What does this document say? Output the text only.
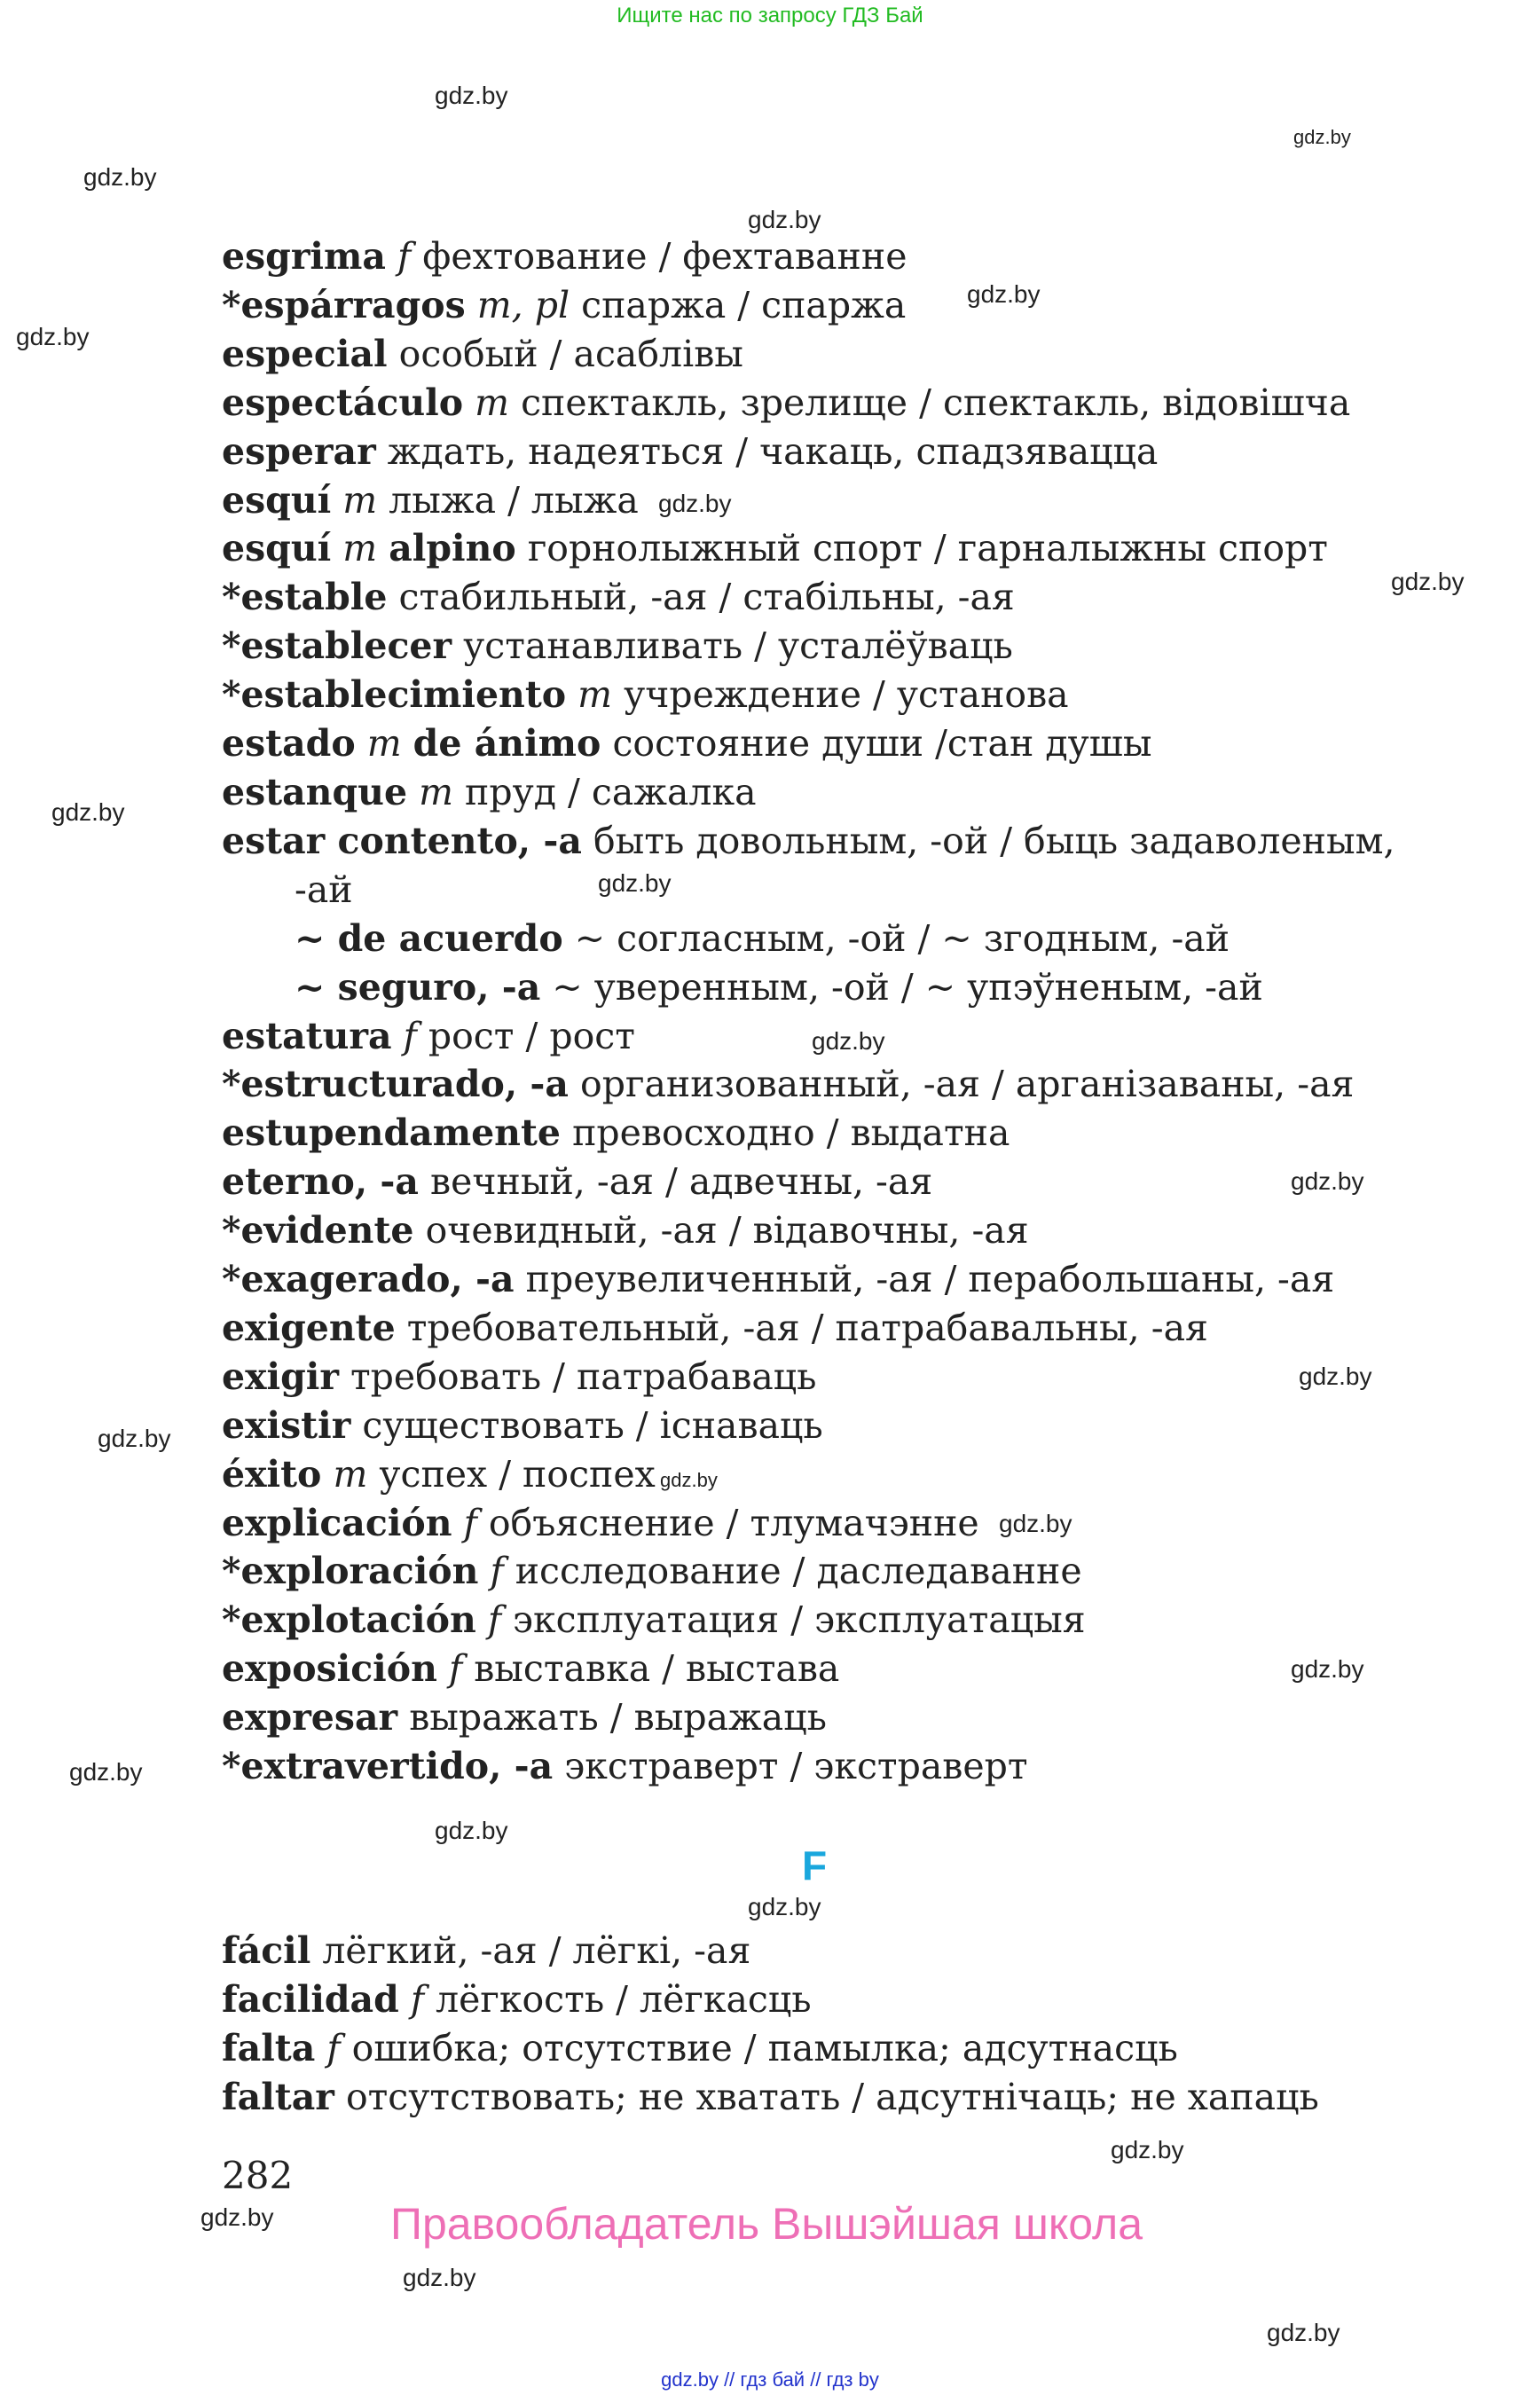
Ищите нас по запросу ГДЗ Бай
gdz.by
gdz.by
gdz.by
gdz.by
gdz.by
gdz.by
gdz.by
gdz.by
gdz.by
gdz.by
gdz.by
gdz.by
gdz.by
gdz.by
gdz.by
gdz.by
gdz.by
gdz.by
gdz.by
gdz.by
gdz.by
gdz.by
gdz.by
gdz.by
esgrima f фехтование / фехтаванне
*espárragos m, pl спаржа / спаржа
especial особый / асаблівы
espectáculo m спектакль, зрелище / спектакль, відовішча
esperar ждать, надеяться / чакаць, спадзявацца
esquí m лыжа / лыжа
esquí m alpino горнолыжный спорт / гарналыжны спорт
*estable стабильный, -ая / стабільны, -ая
*establecer устанавливать / усталёўваць
*establecimiento m учреждение / установа
estado m de ánimo состояние души /стан душы
estanque m пруд / сажалка
estar contento, -a быть довольным, -ой / быць задаволеным,
-ай
~ de acuerdo ~ согласным, -ой / ~ згодным, -ай
~ seguro, -a ~ уверенным, -ой / ~ упэўненым, -ай
estatura f рост / рост
*estructurado, -a организованный, -ая / арганізаваны, -ая
estupendamente превосходно / выдатна
eterno, -a вечный, -ая / адвечны, -ая
*evidente очевидный, -ая / відавочны, -ая
*exagerado, -a преувеличенный, -ая / перабольшаны, -ая
exigente требовательный, -ая / патрабавальны, -ая
exigir требовать / патрабаваць
existir существовать / існаваць
éxito m успех / поспех
explicación f объяснение / тлумачэнне
*exploración f исследование / даследаванне
*explotación f эксплуатация / эксплуатацыя
exposición f выставка / выстава
expresar выражать / выражаць
*extravertido, -a экстраверт / экстраверт
F
fácil лёгкий, -ая / лёгкі, -ая
facilidad f лёгкость / лёгкасць
falta f ошибка; отсутствие / памылка; адсутнасць
faltar отсутствовать; не хватать / адсутнічаць; не хапаць
282
Правообладатель Вышэйшая школа
gdz.by // гдз бай // гдз by
